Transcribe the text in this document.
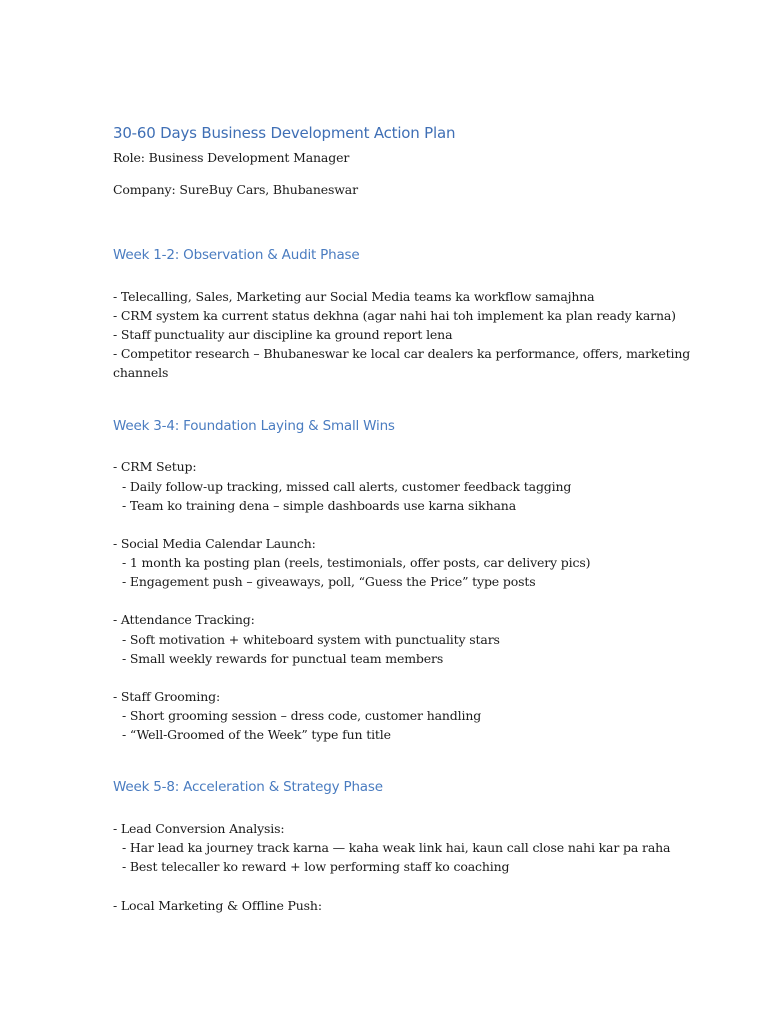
30-60 Days Business Development Action Plan
Role: Business Development Manager
Company: SureBuy Cars, Bhubaneswar
Week 1-2: Observation & Audit Phase
- Telecalling, Sales, Marketing aur Social Media teams ka workflow samajhna
- CRM system ka current status dekhna (agar nahi hai toh implement ka plan ready karna)
- Staff punctuality aur discipline ka ground report lena
- Competitor research – Bhubaneswar ke local car dealers ka performance, offers, marketing
channels
Week 3-4: Foundation Laying & Small Wins
- CRM Setup:
- Daily follow-up tracking, missed call alerts, customer feedback tagging
- Team ko training dena – simple dashboards use karna sikhana
- Social Media Calendar Launch:
- 1 month ka posting plan (reels, testimonials, offer posts, car delivery pics)
- Engagement push – giveaways, poll, “Guess the Price” type posts
- Attendance Tracking:
- Soft motivation + whiteboard system with punctuality stars
- Small weekly rewards for punctual team members
- Staff Grooming:
- Short grooming session – dress code, customer handling
- “Well-Groomed of the Week” type fun title
Week 5-8: Acceleration & Strategy Phase
- Lead Conversion Analysis:
- Har lead ka journey track karna — kaha weak link hai, kaun call close nahi kar pa raha
- Best telecaller ko reward + low performing staff ko coaching
- Local Marketing & Offline Push:
